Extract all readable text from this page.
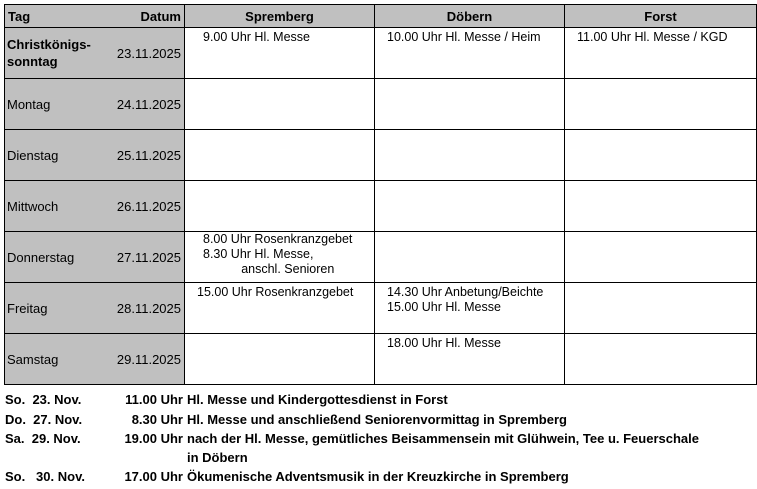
Tag	Datum	Spremberg	Döbern	Forst
Christkönigs-
sonntag	23.11.2025	9.00 Uhr Hl. Messe	10.00 Uhr Hl. Messe / Heim	11.00 Uhr Hl. Messe / KGD

Montag	24.11.2025	

Dienstag	25.11.2025	

Mittwoch	26.11.2025	

Donnerstag	27.11.2025	8.00 Uhr Rosenkranzgebet
8.30 Uhr Hl. Messe,
anschl. Senioren		

Freitag	28.11.2025	15.00 Uhr Rosenkranzgebet	14.30 Uhr Anbetung/Beichte
15.00 Uhr Hl. Messe	

Samstag	29.11.2025		18.00 Uhr Hl. Messe	

So.  23. Nov.	11.00 Uhr Hl. Messe und Kindergottesdienst in Forst
Do.  27. Nov.	8.30 Uhr Hl. Messe und anschließend Seniorenvormittag in Spremberg
Sa.  29. Nov.	19.00 Uhr nach der Hl. Messe, gemütliches Beisammensein mit Glühwein, Tee u. Feuerschale
in Döbern
So.   30. Nov.	17.00 Uhr Ökumenische Adventsmusik in der Kreuzkirche in Spremberg
